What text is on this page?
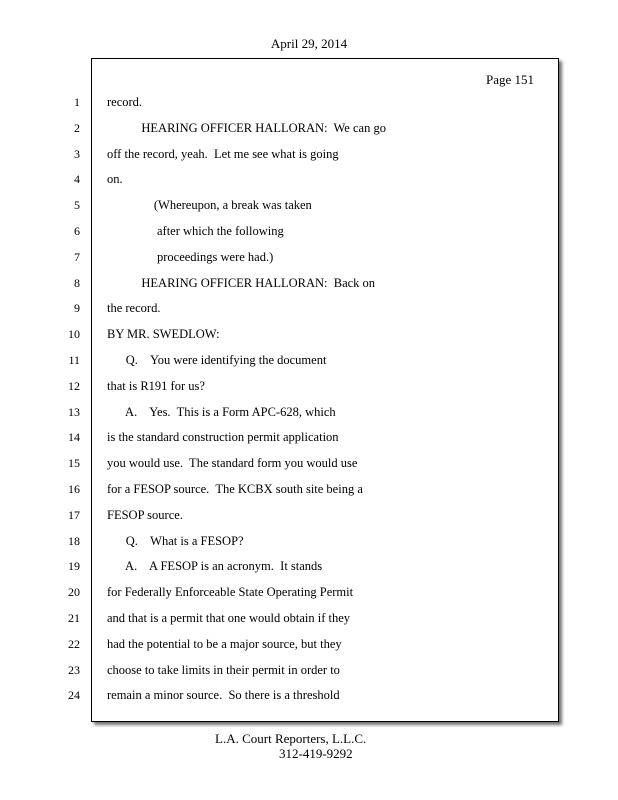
April 29, 2014
Page 151
1
2
3
4
5
6
7
8
9
10
11
12
13
14
15
16
17
18
19
20
21
22
23
24
record.
HEARING OFFICER HALLORAN:  We can go
off the record, yeah.  Let me see what is going
on.
(Whereupon, a break was taken
after which the following
proceedings were had.)
HEARING OFFICER HALLORAN:  Back on
the record.
BY MR. SWEDLOW:
Q.    You were identifying the document
that is R191 for us?
A.    Yes.  This is a Form APC-628, which
is the standard construction permit application
you would use.  The standard form you would use
for a FESOP source.  The KCBX south site being a
FESOP source.
Q.    What is a FESOP?
A.    A FESOP is an acronym.  It stands
for Federally Enforceable State Operating Permit
and that is a permit that one would obtain if they
had the potential to be a major source, but they
choose to take limits in their permit in order to
remain a minor source.  So there is a threshold
L.A. Court Reporters, L.L.C.
312-419-9292
